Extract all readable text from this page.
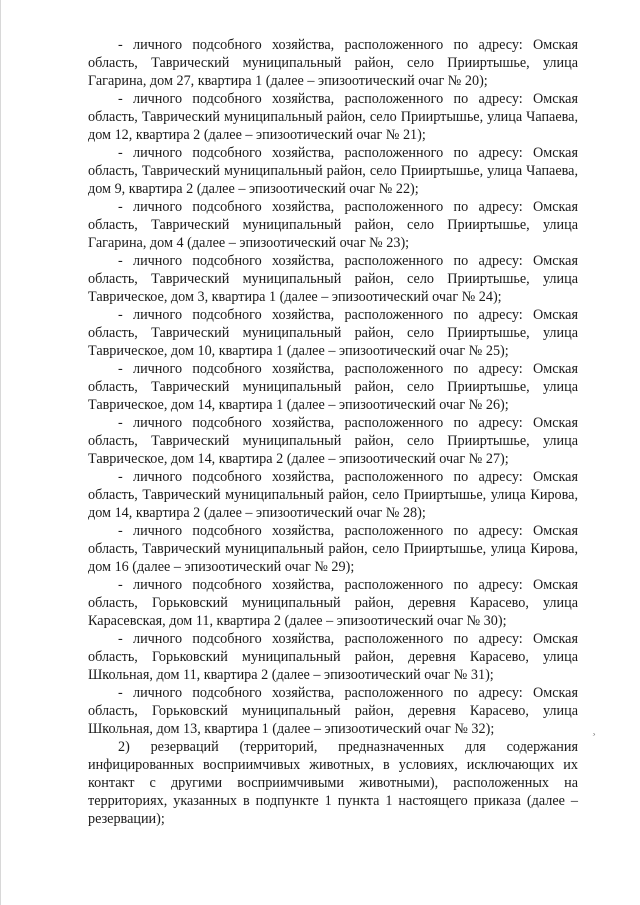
- личного подсобного хозяйства, расположенного по адресу: Омская область, Таврический муниципальный район, село Прииртышье, улица Гагарина, дом 27, квартира 1 (далее – эпизоотический очаг № 20);

- личного подсобного хозяйства, расположенного по адресу: Омская область, Таврический муниципальный район, село Прииртышье, улица Чапаева, дом 12, квартира 2 (далее – эпизоотический очаг № 21);

- личного подсобного хозяйства, расположенного по адресу: Омская область, Таврический муниципальный район, село Прииртышье, улица Чапаева, дом 9, квартира 2 (далее – эпизоотический очаг № 22);

- личного подсобного хозяйства, расположенного по адресу: Омская область, Таврический муниципальный район, село Прииртышье, улица Гагарина, дом 4 (далее – эпизоотический очаг № 23);

- личного подсобного хозяйства, расположенного по адресу: Омская область, Таврический муниципальный район, село Прииртышье, улица Таврическое, дом 3, квартира 1 (далее – эпизоотический очаг № 24);

- личного подсобного хозяйства, расположенного по адресу: Омская область, Таврический муниципальный район, село Прииртышье, улица Таврическое, дом 10, квартира 1 (далее – эпизоотический очаг № 25);

- личного подсобного хозяйства, расположенного по адресу: Омская область, Таврический муниципальный район, село Прииртышье, улица Таврическое, дом 14, квартира 1 (далее – эпизоотический очаг № 26);

- личного подсобного хозяйства, расположенного по адресу: Омская область, Таврический муниципальный район, село Прииртышье, улица Таврическое, дом 14, квартира 2 (далее – эпизоотический очаг № 27);

- личного подсобного хозяйства, расположенного по адресу: Омская область, Таврический муниципальный район, село Прииртышье, улица Кирова, дом 14, квартира 2 (далее – эпизоотический очаг № 28);

- личного подсобного хозяйства, расположенного по адресу: Омская область, Таврический муниципальный район, село Прииртышье, улица Кирова, дом 16 (далее – эпизоотический очаг № 29);

- личного подсобного хозяйства, расположенного по адресу: Омская область, Горьковский муниципальный район, деревня Карасево, улица Карасевская, дом 11, квартира 2 (далее – эпизоотический очаг № 30);

- личного подсобного хозяйства, расположенного по адресу: Омская область, Горьковский муниципальный район, деревня Карасево, улица Школьная, дом 11, квартира 2 (далее – эпизоотический очаг № 31);

- личного подсобного хозяйства, расположенного по адресу: Омская область, Горьковский муниципальный район, деревня Карасево, улица Школьная, дом 13, квартира 1 (далее – эпизоотический очаг № 32);

2) резерваций (территорий, предназначенных для содержания инфицированных восприимчивых животных, в условиях, исключающих их контакт с другими восприимчивыми животными), расположенных на территориях, указанных в подпункте 1 пункта 1 настоящего приказа (далее – резервации);

¸
